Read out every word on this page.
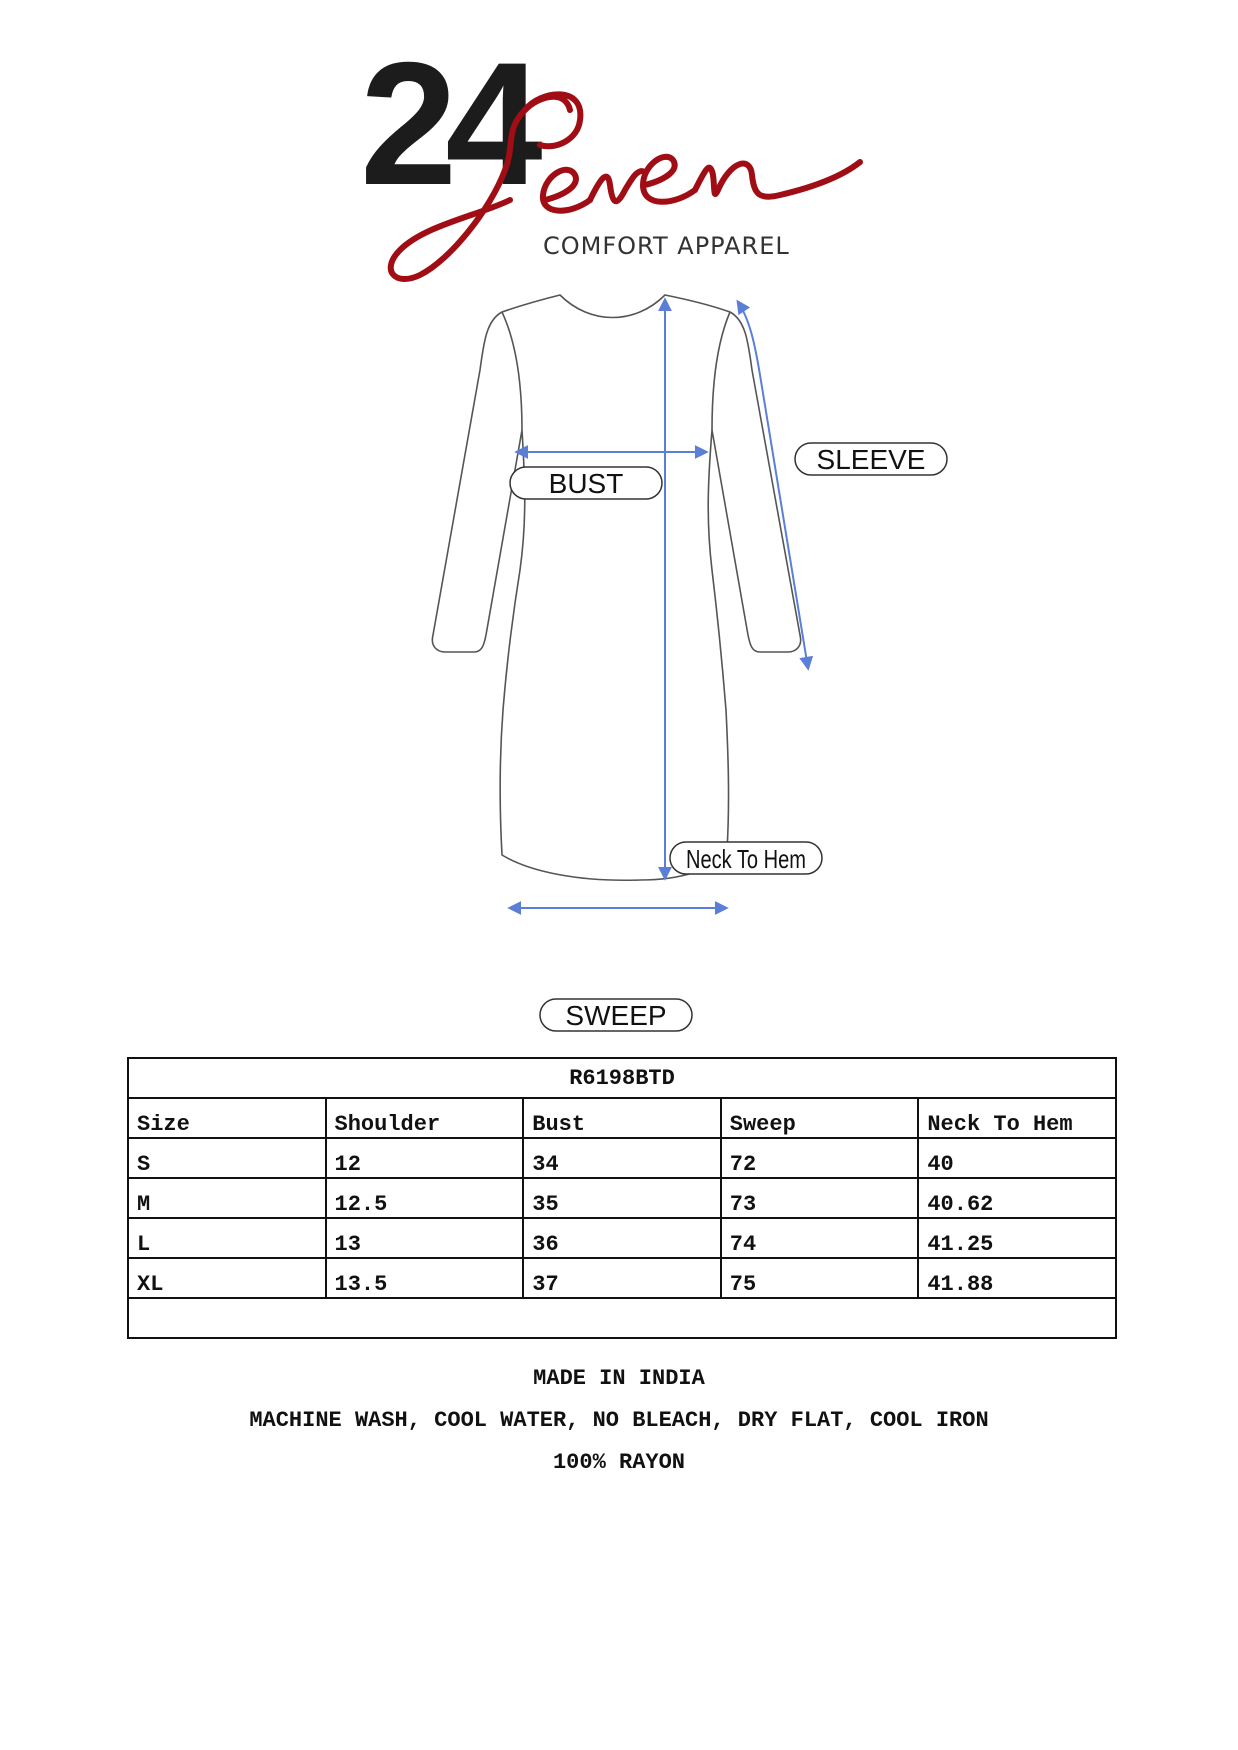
24
COMFORT APPAREL
BUST
SLEEVE
Neck To Hem
SWEEP
R6198BTD				
Size	Shoulder	Bust	Sweep	Neck To Hem
S	12	34	72	40
M	12.5	35	73	40.62
L	13	36	74	41.25
XL	13.5	37	75	41.88

MADE IN INDIA
MACHINE WASH, COOL WATER, NO BLEACH, DRY FLAT, COOL IRON
100% RAYON
